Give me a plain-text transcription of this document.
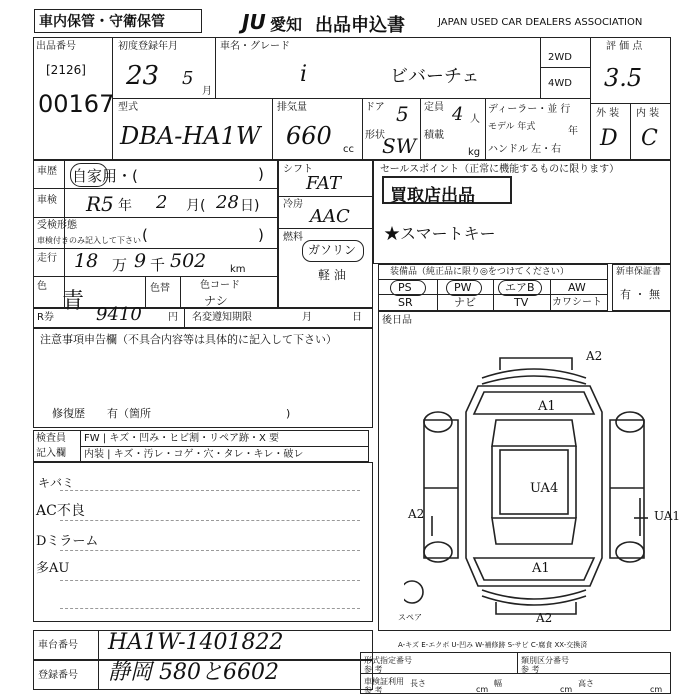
車内保管・守衛保管	JU 愛知 出品申込書	JAPAN USED CAR DEALERS ASSOCIATION
出品番号
[2126]
00167
初度登録年月
23 5
月
車名・グレード
i	ビバーチェ
2WD
4WD
評 価 点
3.5
外 装 内 装
D C
型式
DBA-HA1W
排気量
660 cc
ドア 5
形状
SW
定員 4 人
積載
kg
ディーラー・並 行
モデル 年式	年
ハンドル 左・右
車歴 自家用・(	)
車検 R5 年 2 月( 28 日)
受検形態
車検付きのみ記入して下さい (	)
走行 18 万 9 千 502 km
色
青
色替	色コード
ナシ
シフト
FAT
冷房
AAC
燃料
ガソリン
軽 油
セールスポイント（正常に機能するものに限ります）
買取店出品
★スマートキー
装備品（純正品に限り◎をつけてください）
PS	PW	エアB	AW
SR	ナビ	TV カワシート
新車保証書
有 ・ 無
R券 9410	円 名変遵知期限	月	日 後日品
注意事項申告欄（不具合内容等は具体的に記入して下さい）
修復歴　　有（箇所	)
検査員
記入欄
FW | キズ・凹み・ヒビ割・リペア跡・X 要
内装 | キズ・汚レ・コゲ・穴・タレ・キレ・破レ
キバミ
AC不良
Dミラーム
多AU
A2
A1
UA4
A2	UA1
A1
A2
スペア
A-キズ E-エクボ U-凹み W-補修跡 S-サビ C-腐食 XX-交換済
車台番号 HA1W-1401822
登録番号 静岡 580と6602	形式指定番号
参 考
類別区分番号
参 考
車検証利用
参 考
長さ
cm
幅
cm
高さ
cm
